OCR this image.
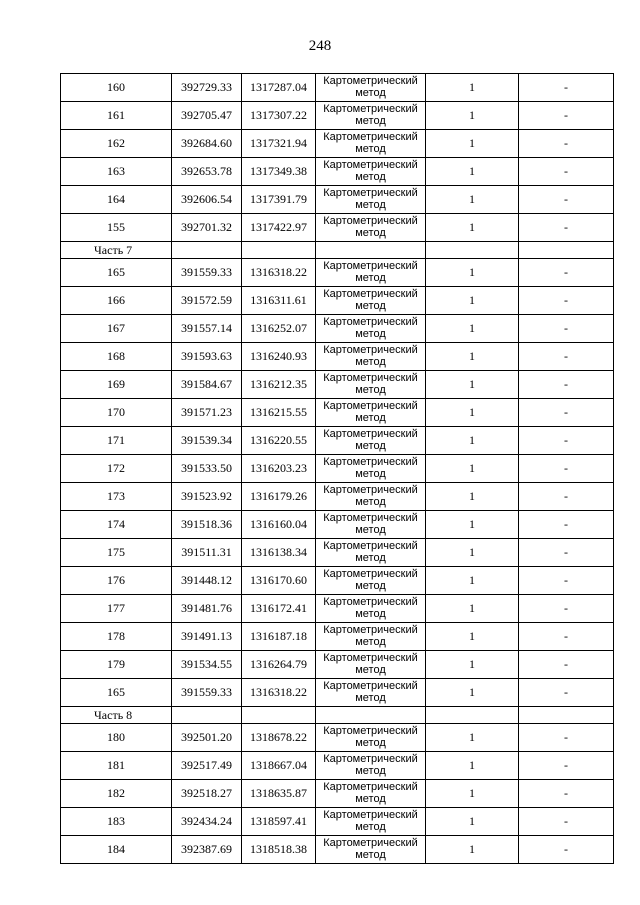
248
160	392729.33	1317287.04	Картометрический метод	1	-
161	392705.47	1317307.22	Картометрический метод	1	-
162	392684.60	1317321.94	Картометрический метод	1	-
163	392653.78	1317349.38	Картометрический метод	1	-
164	392606.54	1317391.79	Картометрический метод	1	-
155	392701.32	1317422.97	Картометрический метод	1	-
Часть 7					
165	391559.33	1316318.22	Картометрический метод	1	-
166	391572.59	1316311.61	Картометрический метод	1	-
167	391557.14	1316252.07	Картометрический метод	1	-
168	391593.63	1316240.93	Картометрический метод	1	-
169	391584.67	1316212.35	Картометрический метод	1	-
170	391571.23	1316215.55	Картометрический метод	1	-
171	391539.34	1316220.55	Картометрический метод	1	-
172	391533.50	1316203.23	Картометрический метод	1	-
173	391523.92	1316179.26	Картометрический метод	1	-
174	391518.36	1316160.04	Картометрический метод	1	-
175	391511.31	1316138.34	Картометрический метод	1	-
176	391448.12	1316170.60	Картометрический метод	1	-
177	391481.76	1316172.41	Картометрический метод	1	-
178	391491.13	1316187.18	Картометрический метод	1	-
179	391534.55	1316264.79	Картометрический метод	1	-
165	391559.33	1316318.22	Картометрический метод	1	-
Часть 8					
180	392501.20	1318678.22	Картометрический метод	1	-
181	392517.49	1318667.04	Картометрический метод	1	-
182	392518.27	1318635.87	Картометрический метод	1	-
183	392434.24	1318597.41	Картометрический метод	1	-
184	392387.69	1318518.38	Картометрический метод	1	-
